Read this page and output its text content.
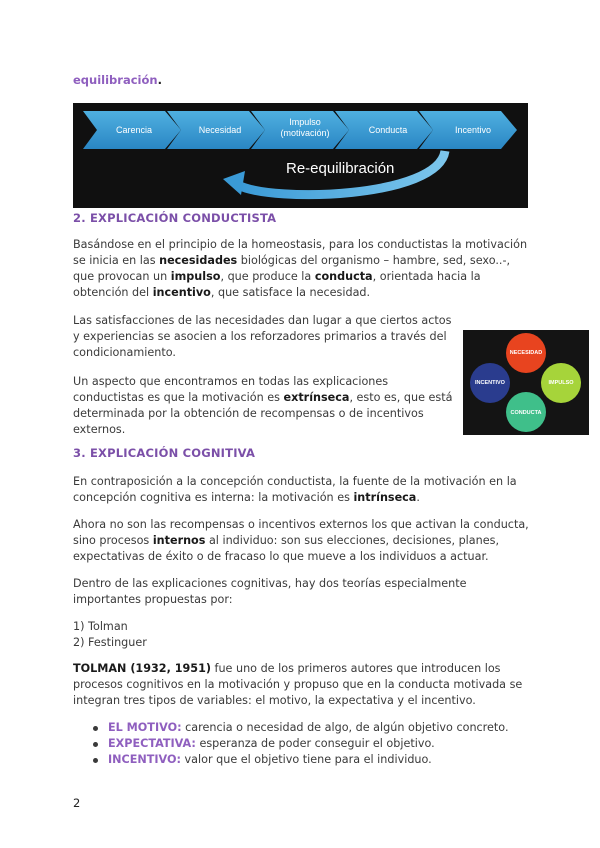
equilibración.
Carencia	Necesidad
Impulso
(motivación)	Conducta	Incentivo
Re-equilibración
2. EXPLICACIÓN CONDUCTISTA
Basándose en el principio de la homeostasis, para los conductistas la motivación se inicia en las necesidades biológicas del organismo – hambre, sed, sexo..-, que provocan un impulso, que produce la conducta, orientada hacia la obtención del incentivo, que satisface la necesidad.
Las satisfacciones de las necesidades dan lugar a que ciertos actos y experiencias se asocien a los reforzadores primarios a través del condicionamiento.
Un aspecto que encontramos en todas las explicaciones conductistas es que la motivación es extrínseca, esto es, que está determinada por la obtención de recompensas o de incentivos externos.
NECESIDAD
IMPULSO
CONDUCTA
INCENTIVO
3. EXPLICACIÓN COGNITIVA
En contraposición a la concepción conductista, la fuente de la motivación en la concepción cognitiva es interna: la motivación es intrínseca.
Ahora no son las recompensas o incentivos externos los que activan la conducta, sino procesos internos al individuo: son sus elecciones, decisiones, planes, expectativas de éxito o de fracaso lo que mueve a los individuos a actuar.
Dentro de las explicaciones cognitivas, hay dos teorías especialmente importantes propuestas por:
1) Tolman
2) Festinguer
TOLMAN (1932, 1951) fue uno de los primeros autores que introducen los procesos cognitivos en la motivación y propuso que en la conducta motivada se integran tres tipos de variables: el motivo, la expectativa y el incentivo.
EL MOTIVO: carencia o necesidad de algo, de algún objetivo concreto.
EXPECTATIVA: esperanza de poder conseguir el objetivo.
INCENTIVO: valor que el objetivo tiene para el individuo.
2
